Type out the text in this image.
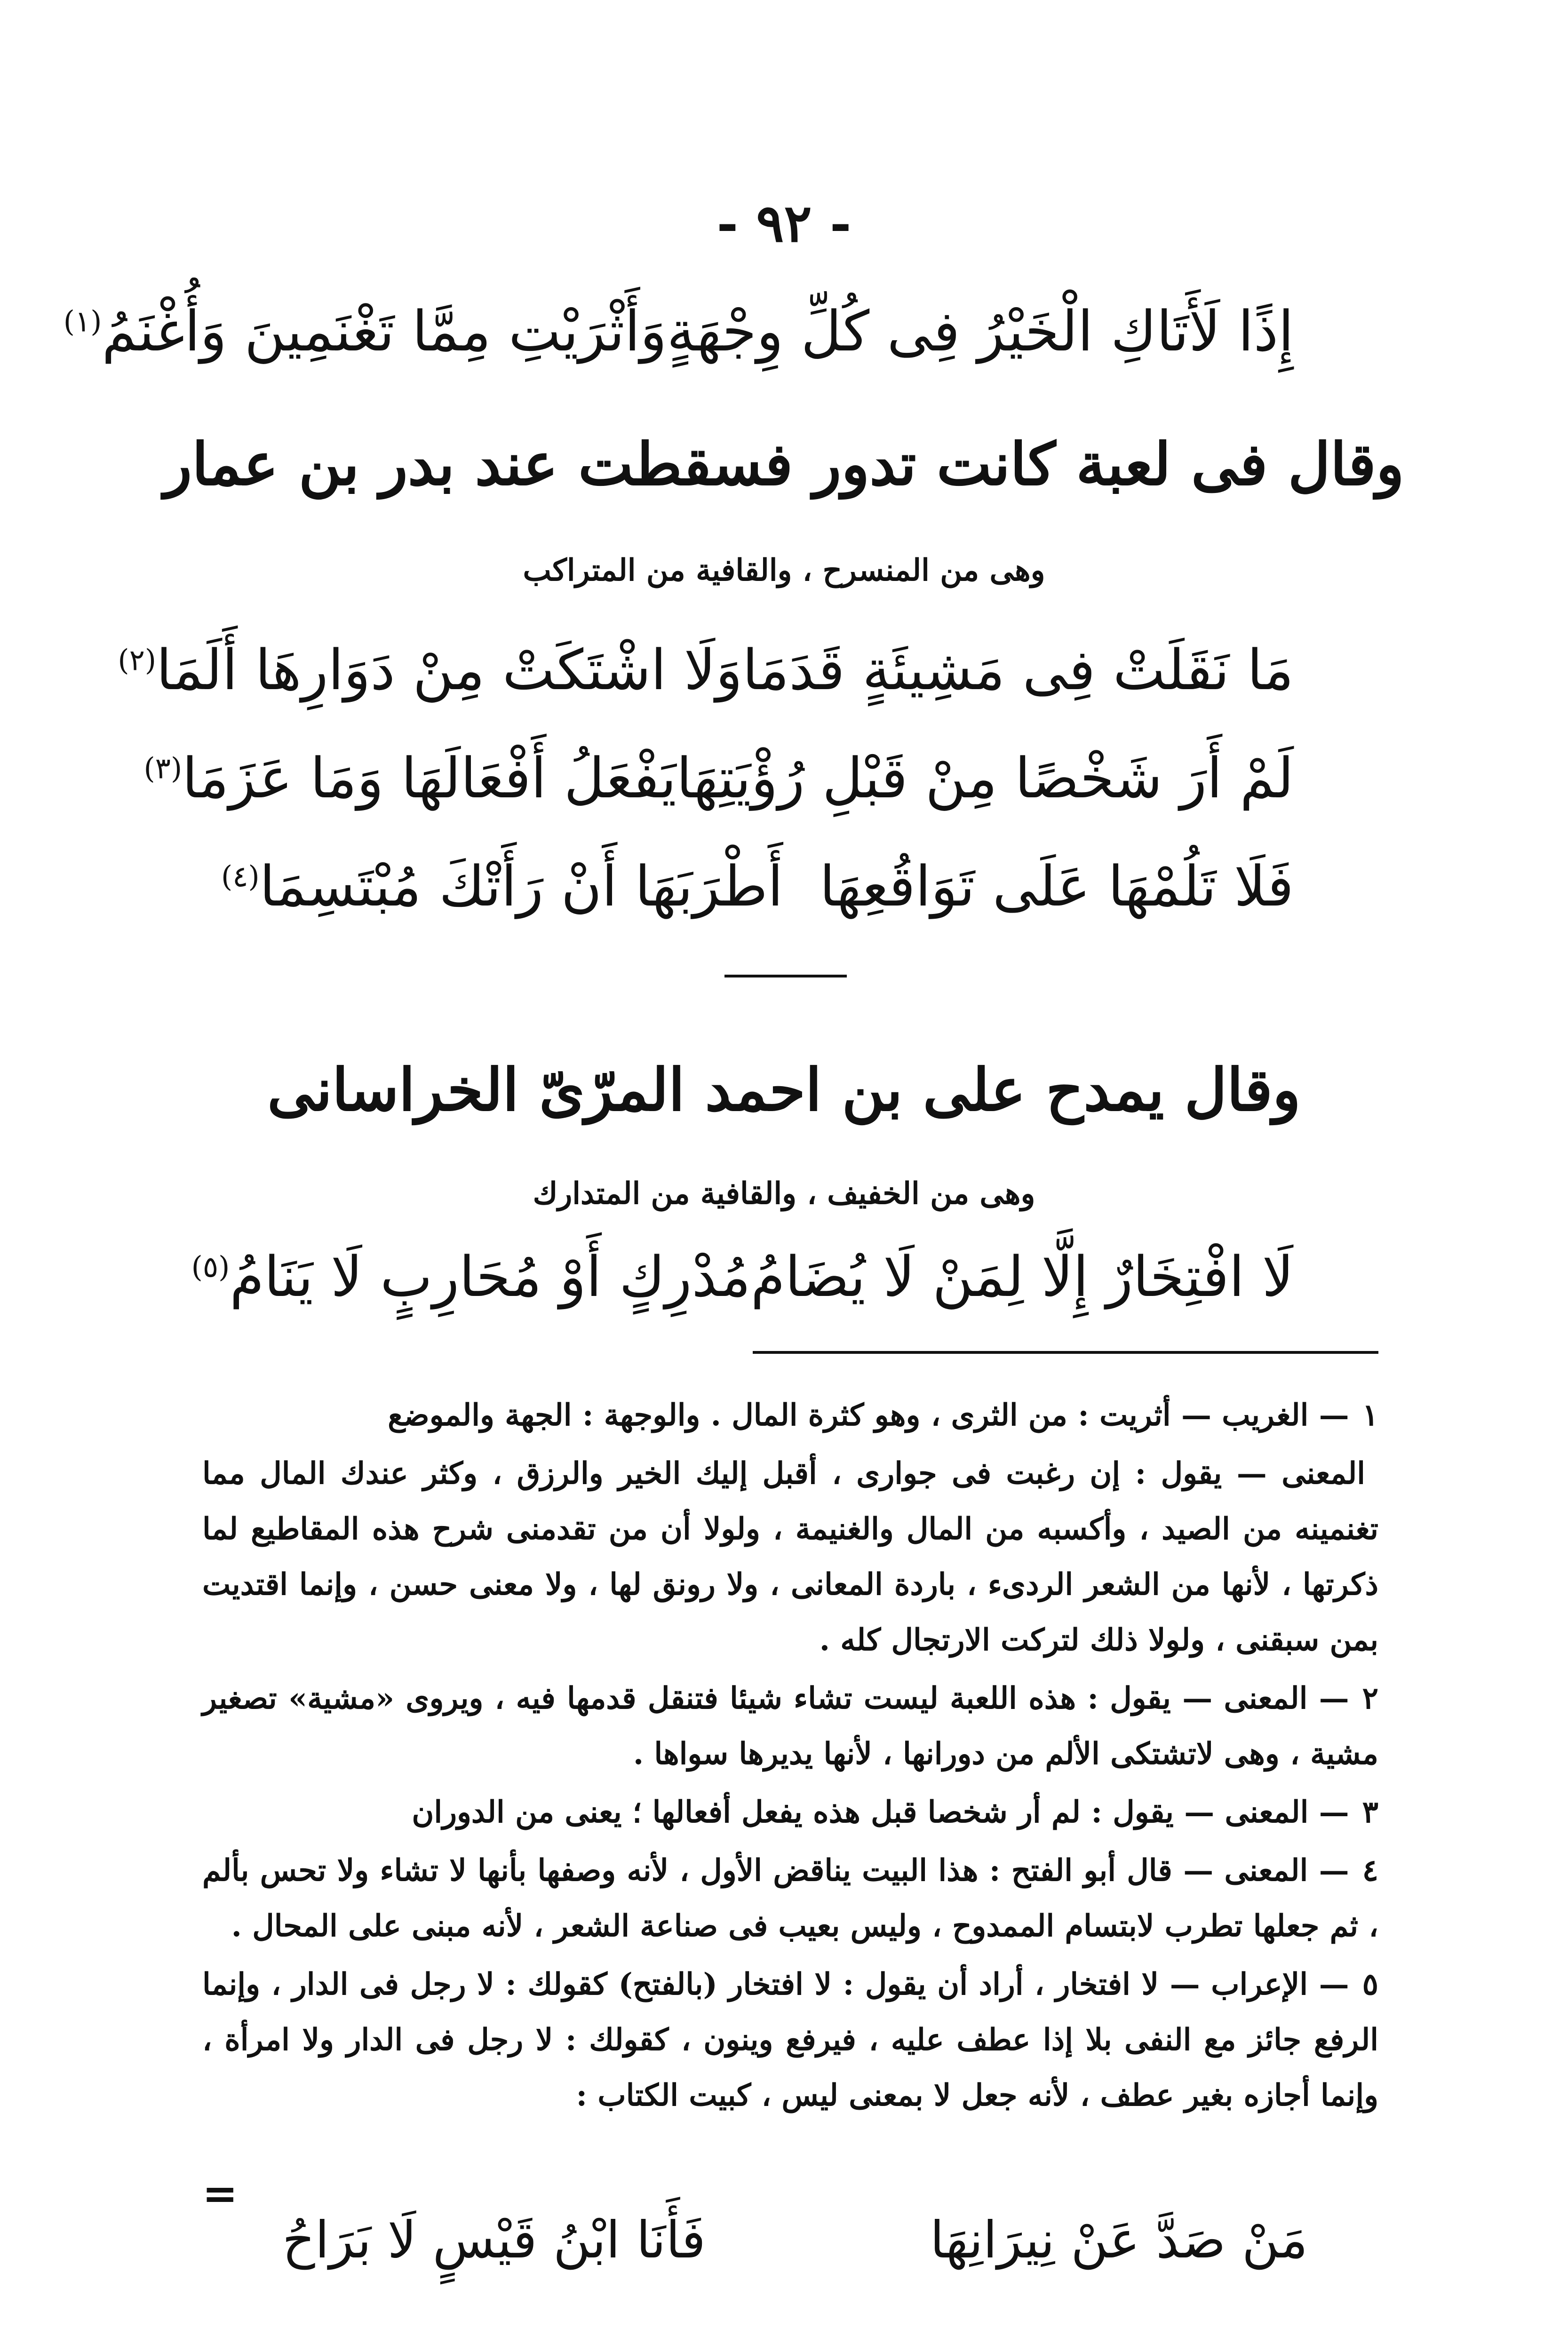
- ٩٢ -
إِذًا لَأَتَاكِ الْخَيْرُ فِى كُلِّ وِجْهَةٍ
وَأَثْرَيْتِ مِمَّا تَغْنَمِينَ وَأُغْنَمُ$^{(١)}$
وقال فى لعبة كانت تدور فسقطت عند بدر بن عمار
وهى من المنسرح ، والقافية من المتراكب
مَا نَقَلَتْ فِى مَشِيئَةٍ قَدَمَا
وَلَا اشْتَكَتْ مِنْ دَوَارِهَا أَلَمَا$^{(٢)}$
لَمْ أَرَ شَخْصًا مِنْ قَبْلِ رُؤْيَتِهَا
يَفْعَلُ أَفْعَالَهَا وَمَا عَزَمَا$^{(٣)}$
فَلَا تَلُمْهَا عَلَى تَوَاقُعِهَا
أَطْرَبَهَا أَنْ رَأَتْكَ مُبْتَسِمَا$^{(٤)}$
وقال يمدح على بن احمد المرّىّ الخراسانى
وهى من الخفيف ، والقافية من المتدارك
لَا افْتِخَارٌ إِلَّا لِمَنْ لَا يُضَامُ
مُدْرِكٍ أَوْ مُحَارِبٍ لَا يَنَامُ$^{(٥)}$

١— الغريب — أثريت : من الثرى ، وهو كثرة المال . والوجهة : الجهة والموضع

المعنى — يقول : إن رغبت فى جوارى ، أقبل إليك الخير والرزق ، وكثر عندك المال مما تغنمينه من الصيد ، وأكسبه من المال والغنيمة ، ولولا أن من تقدمنى شرح هذه المقاطيع لما ذكرتها ، لأنها من الشعر الردىء ، باردة المعانى ، ولا رونق لها ، ولا معنى حسن ، وإنما اقتديت بمن سبقنى ، ولولا ذلك لتركت الارتجال كله .

٢— المعنى — يقول : هذه اللعبة ليست تشاء شيئا فتنقل قدمها فيه ، ويروى «مشية» تصغير مشية ، وهى لاتشتكى الألم من دورانها ، لأنها يديرها سواها .

٣— المعنى — يقول : لم أر شخصا قبل هذه يفعل أفعالها ؛ يعنى من الدوران

٤— المعنى — قال أبو الفتح : هذا البيت يناقض الأول ، لأنه وصفها بأنها لا تشاء ولا تحس بألم ، ثم جعلها تطرب لابتسام الممدوح ، وليس بعيب فى صناعة الشعر ، لأنه مبنى على المحال .

٥— الإعراب — لا افتخار ، أراد أن يقول : لا افتخار (بالفتح) كقولك : لا رجل فى الدار ، وإنما الرفع جائز مع النفى بلا إذا عطف عليه ، فيرفع وينون ، كقولك : لا رجل فى الدار ولا امرأة ، وإنما أجازه بغير عطف ، لأنه جعل لا بمعنى ليس ، كبيت الكتاب :

=
مَنْ صَدَّ عَنْ نِيرَانِهَا
فَأَنَا ابْنُ قَيْسٍ لَا بَرَاحُ
